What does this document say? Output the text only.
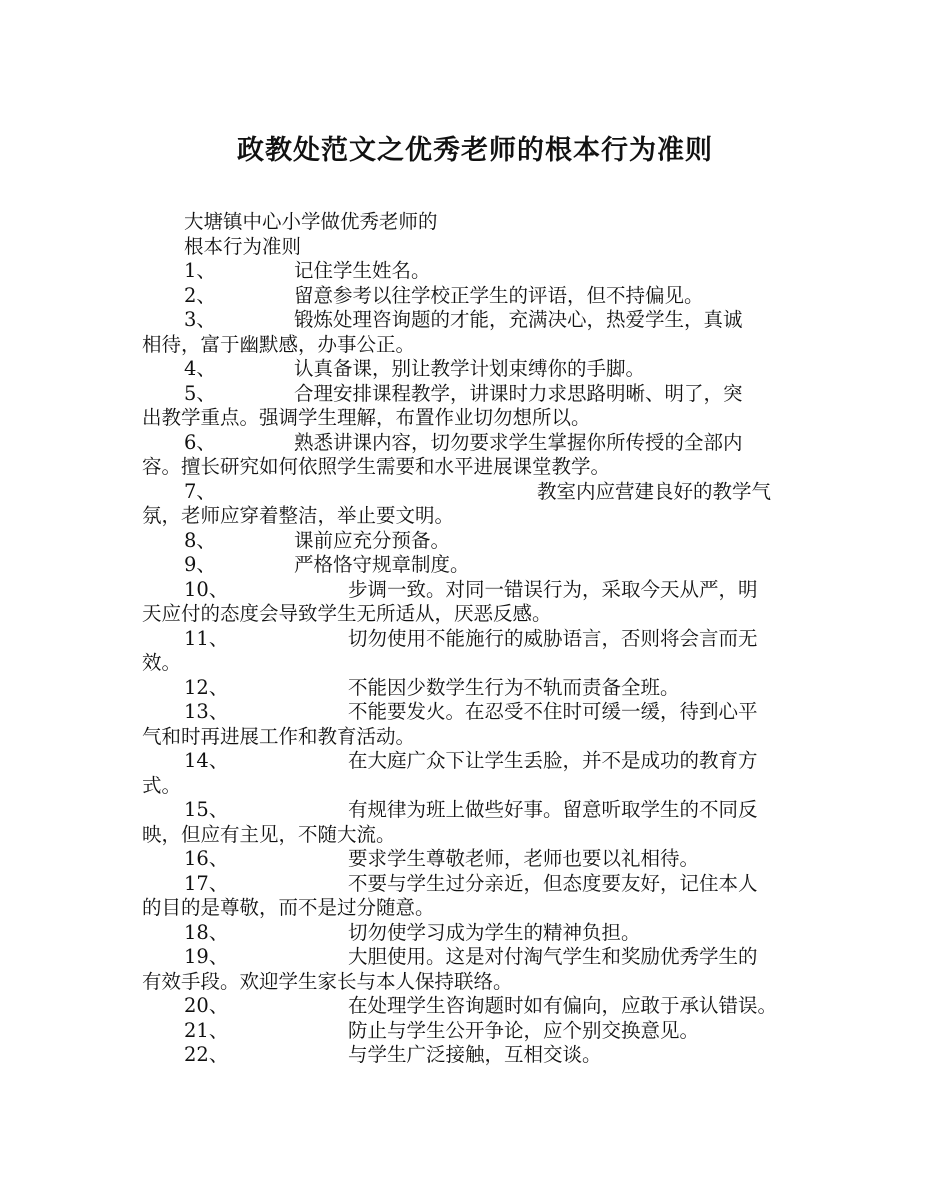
政教处范文之优秀老师的根本行为准则
大塘镇中心小学做优秀老师的
根本行为准则
1、	记住学生姓名。
2、	留意参考以往学校正学生的评语，但不持偏见。
3、	锻炼处理咨询题的才能，充满决心，热爱学生，真诚
相待，富于幽默感，办事公正。
4、	认真备课，别让教学计划束缚你的手脚。
5、	合理安排课程教学，讲课时力求思路明晰、明了，突
出教学重点。强调学生理解，布置作业切勿想所以。
6、	熟悉讲课内容，切勿要求学生掌握你所传授的全部内
容。擅长研究如何依照学生需要和水平进展课堂教学。
7、	教室内应营建良好的教学气
氛，老师应穿着整洁，举止要文明。
8、	课前应充分预备。
9、	严格恪守规章制度。
10、	步调一致。对同一错误行为，采取今天从严，明
天应付的态度会导致学生无所适从，厌恶反感。
11、	切勿使用不能施行的威胁语言，否则将会言而无
效。
12、	不能因少数学生行为不轨而责备全班。
13、	不能要发火。在忍受不住时可缓一缓，待到心平
气和时再进展工作和教育活动。
14、	在大庭广众下让学生丢脸，并不是成功的教育方
式。
15、	有规律为班上做些好事。留意听取学生的不同反
映，但应有主见，不随大流。
16、	要求学生尊敬老师，老师也要以礼相待。
17、	不要与学生过分亲近，但态度要友好，记住本人
的目的是尊敬，而不是过分随意。
18、	切勿使学习成为学生的精神负担。
19、	大胆使用。这是对付淘气学生和奖励优秀学生的
有效手段。欢迎学生家长与本人保持联络。
20、	在处理学生咨询题时如有偏向，应敢于承认错误。
21、	防止与学生公开争论，应个别交换意见。
22、	与学生广泛接触，互相交谈。
